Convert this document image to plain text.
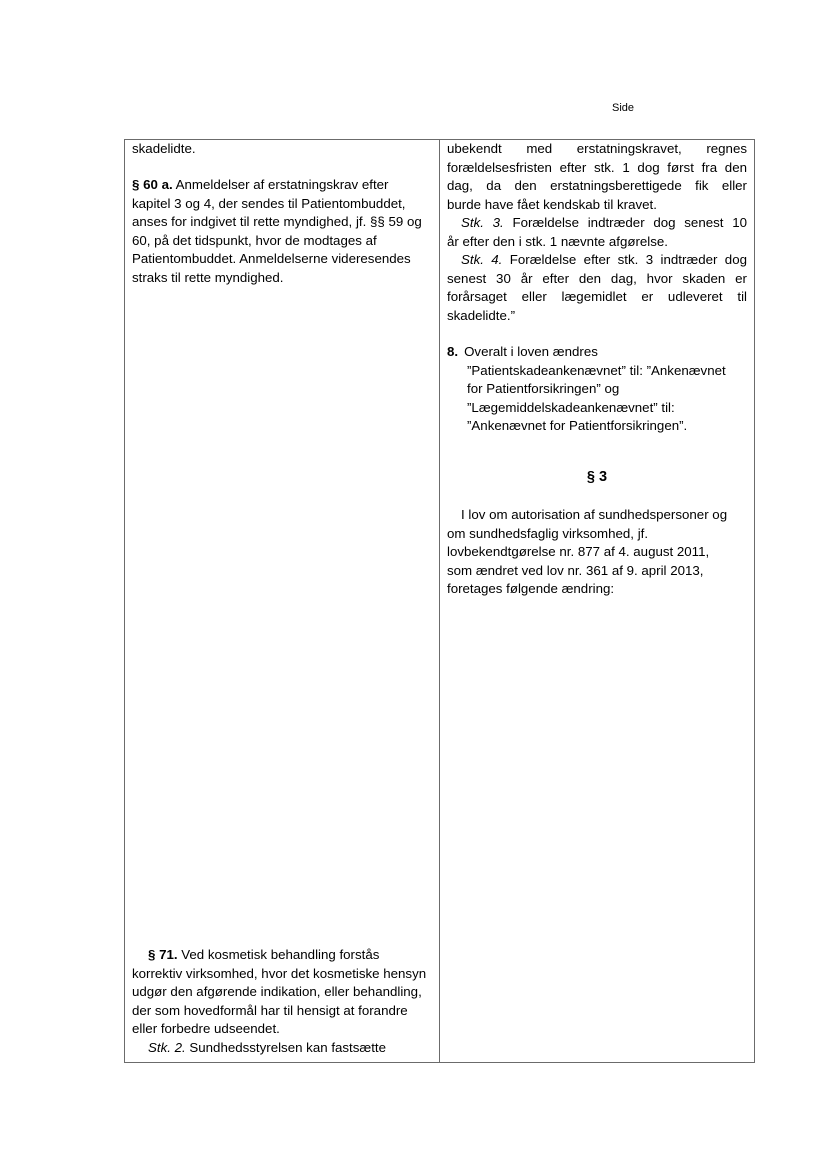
Side
skadelidte.
§ 60 a. Anmeldelser af erstatningskrav efter kapitel 3 og 4, der sendes til Patientombuddet, anses for indgivet til rette myndighed, jf. §§ 59 og 60, på det tidspunkt, hvor de modtages af Patientombuddet. Anmeldelserne videresendes straks til rette myndighed.
§ 71. Ved kosmetisk behandling forstås korrektiv virksomhed, hvor det kosmetiske hensyn udgør den afgørende indikation, eller behandling, der som hovedformål har til hensigt at forandre eller forbedre udseendet.
Stk. 2. Sundhedsstyrelsen kan fastsætte
ubekendt med erstatningskravet, regnes
forældelsesfristen efter stk. 1 dog først fra den
dag, da den erstatningsberettigede fik eller
burde have fået kendskab til kravet.
Stk. 3. Forældelse indtræder dog senest 10
år efter den i stk. 1 nævnte afgørelse.
Stk. 4. Forældelse efter stk. 3 indtræder dog
senest 30 år efter den dag, hvor skaden er
forårsaget eller lægemidlet er udleveret til
skadelidte.”
8. Overalt i loven ændres
”Patientskadeankenævnet” til: ”Ankenævnet
for Patientforsikringen” og
”Lægemiddelskadeankenævnet” til:
”Ankenævnet for Patientforsikringen”.
§ 3
I lov om autorisation af sundhedspersoner og
om sundhedsfaglig virksomhed, jf.
lovbekendtgørelse nr. 877 af 4. august 2011,
som ændret ved lov nr. 361 af 9. april 2013,
foretages følgende ændring:
